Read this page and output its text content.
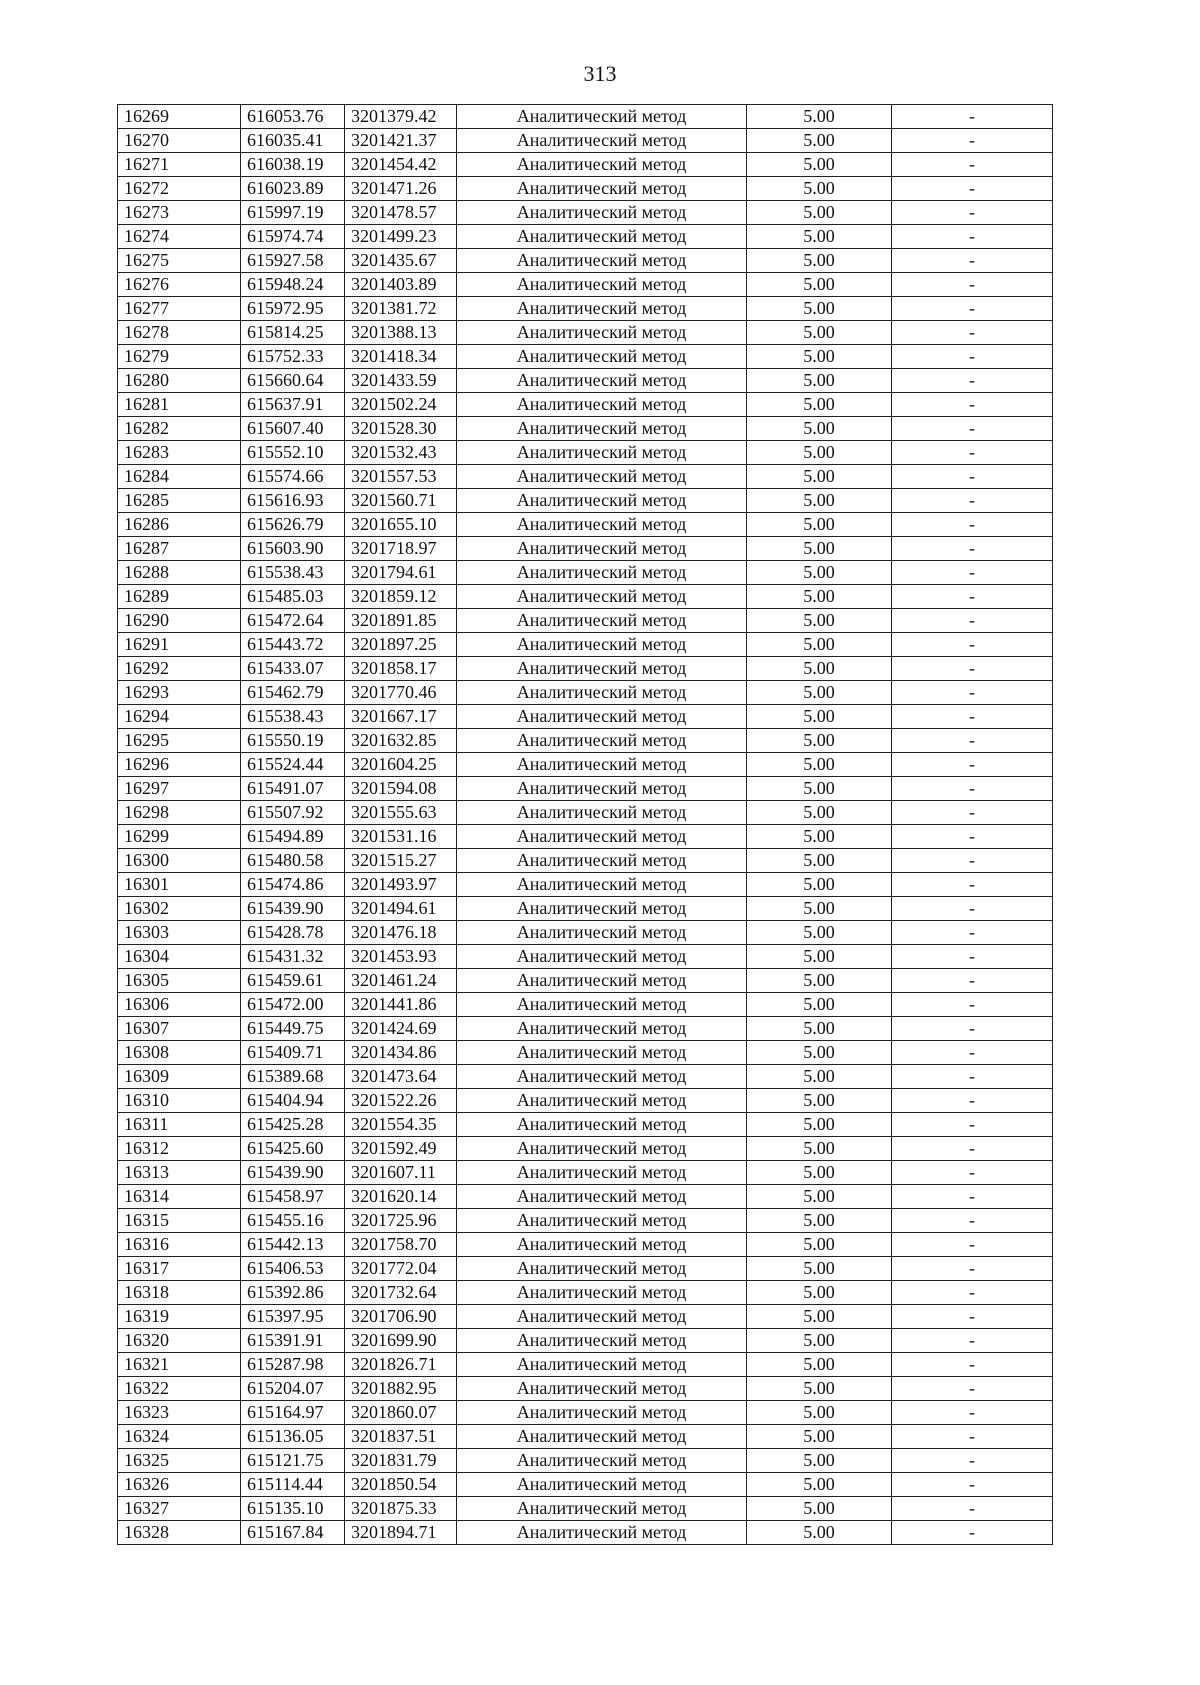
313
16269	616053.76	3201379.42	Аналитический метод	5.00	-
16270	616035.41	3201421.37	Аналитический метод	5.00	-
16271	616038.19	3201454.42	Аналитический метод	5.00	-
16272	616023.89	3201471.26	Аналитический метод	5.00	-
16273	615997.19	3201478.57	Аналитический метод	5.00	-
16274	615974.74	3201499.23	Аналитический метод	5.00	-
16275	615927.58	3201435.67	Аналитический метод	5.00	-
16276	615948.24	3201403.89	Аналитический метод	5.00	-
16277	615972.95	3201381.72	Аналитический метод	5.00	-
16278	615814.25	3201388.13	Аналитический метод	5.00	-
16279	615752.33	3201418.34	Аналитический метод	5.00	-
16280	615660.64	3201433.59	Аналитический метод	5.00	-
16281	615637.91	3201502.24	Аналитический метод	5.00	-
16282	615607.40	3201528.30	Аналитический метод	5.00	-
16283	615552.10	3201532.43	Аналитический метод	5.00	-
16284	615574.66	3201557.53	Аналитический метод	5.00	-
16285	615616.93	3201560.71	Аналитический метод	5.00	-
16286	615626.79	3201655.10	Аналитический метод	5.00	-
16287	615603.90	3201718.97	Аналитический метод	5.00	-
16288	615538.43	3201794.61	Аналитический метод	5.00	-
16289	615485.03	3201859.12	Аналитический метод	5.00	-
16290	615472.64	3201891.85	Аналитический метод	5.00	-
16291	615443.72	3201897.25	Аналитический метод	5.00	-
16292	615433.07	3201858.17	Аналитический метод	5.00	-
16293	615462.79	3201770.46	Аналитический метод	5.00	-
16294	615538.43	3201667.17	Аналитический метод	5.00	-
16295	615550.19	3201632.85	Аналитический метод	5.00	-
16296	615524.44	3201604.25	Аналитический метод	5.00	-
16297	615491.07	3201594.08	Аналитический метод	5.00	-
16298	615507.92	3201555.63	Аналитический метод	5.00	-
16299	615494.89	3201531.16	Аналитический метод	5.00	-
16300	615480.58	3201515.27	Аналитический метод	5.00	-
16301	615474.86	3201493.97	Аналитический метод	5.00	-
16302	615439.90	3201494.61	Аналитический метод	5.00	-
16303	615428.78	3201476.18	Аналитический метод	5.00	-
16304	615431.32	3201453.93	Аналитический метод	5.00	-
16305	615459.61	3201461.24	Аналитический метод	5.00	-
16306	615472.00	3201441.86	Аналитический метод	5.00	-
16307	615449.75	3201424.69	Аналитический метод	5.00	-
16308	615409.71	3201434.86	Аналитический метод	5.00	-
16309	615389.68	3201473.64	Аналитический метод	5.00	-
16310	615404.94	3201522.26	Аналитический метод	5.00	-
16311	615425.28	3201554.35	Аналитический метод	5.00	-
16312	615425.60	3201592.49	Аналитический метод	5.00	-
16313	615439.90	3201607.11	Аналитический метод	5.00	-
16314	615458.97	3201620.14	Аналитический метод	5.00	-
16315	615455.16	3201725.96	Аналитический метод	5.00	-
16316	615442.13	3201758.70	Аналитический метод	5.00	-
16317	615406.53	3201772.04	Аналитический метод	5.00	-
16318	615392.86	3201732.64	Аналитический метод	5.00	-
16319	615397.95	3201706.90	Аналитический метод	5.00	-
16320	615391.91	3201699.90	Аналитический метод	5.00	-
16321	615287.98	3201826.71	Аналитический метод	5.00	-
16322	615204.07	3201882.95	Аналитический метод	5.00	-
16323	615164.97	3201860.07	Аналитический метод	5.00	-
16324	615136.05	3201837.51	Аналитический метод	5.00	-
16325	615121.75	3201831.79	Аналитический метод	5.00	-
16326	615114.44	3201850.54	Аналитический метод	5.00	-
16327	615135.10	3201875.33	Аналитический метод	5.00	-
16328	615167.84	3201894.71	Аналитический метод	5.00	-
